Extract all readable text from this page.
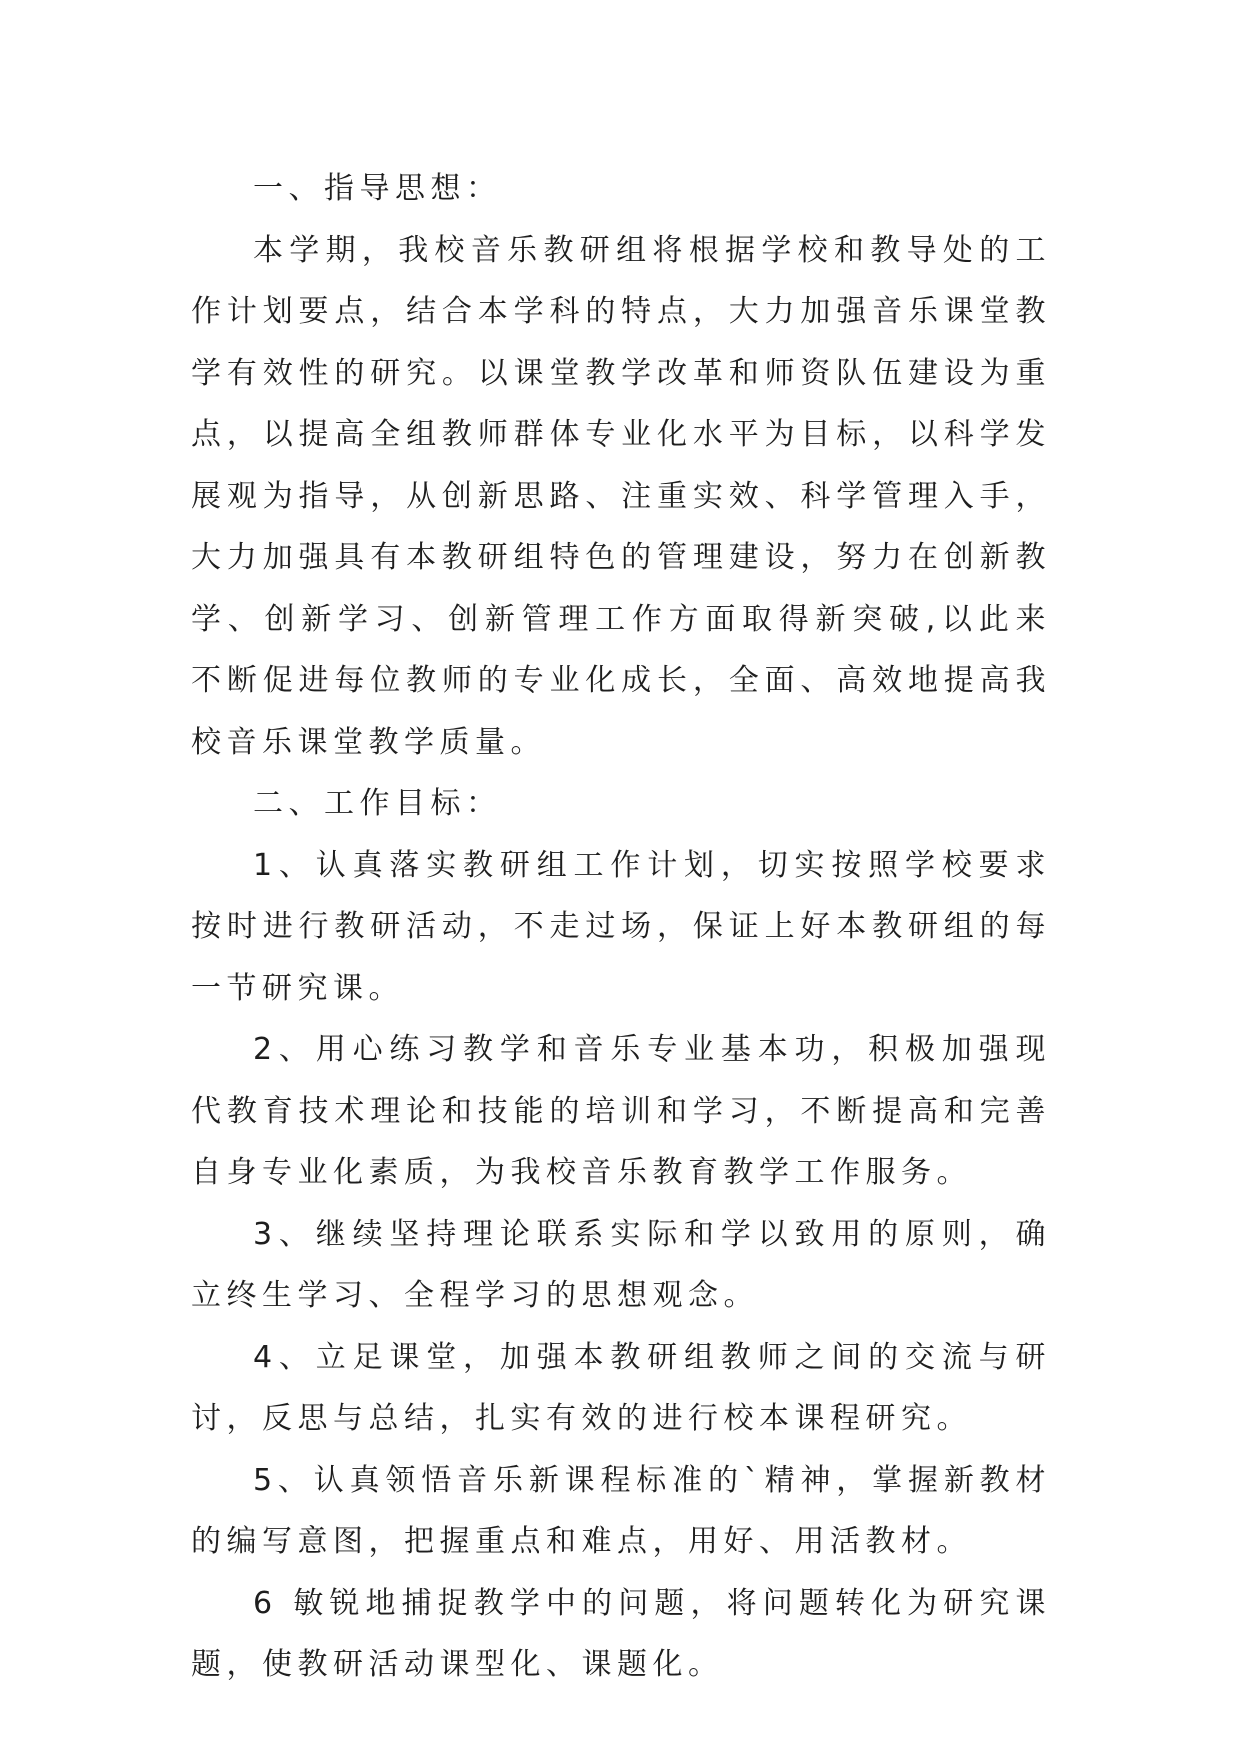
一、指导思想：

本学期，我校音乐教研组将根据学校和教导处的工作计划要点，结合本学科的特点，大力加强音乐课堂教学有效性的研究。以课堂教学改革和师资队伍建设为重点，以提高全组教师群体专业化水平为目标，以科学发展观为指导，从创新思路、注重实效、科学管理入手，大力加强具有本教研组特色的管理建设，努力在创新教学、创新学习、创新管理工作方面取得新突破,以此来不断促进每位教师的专业化成长，全面、高效地提高我校音乐课堂教学质量。

二、工作目标：

1、认真落实教研组工作计划，切实按照学校要求按时进行教研活动，不走过场，保证上好本教研组的每一节研究课。

2、用心练习教学和音乐专业基本功，积极加强现代教育技术理论和技能的培训和学习，不断提高和完善自身专业化素质，为我校音乐教育教学工作服务。

3、继续坚持理论联系实际和学以致用的原则，确立终生学习、全程学习的思想观念。

4、立足课堂，加强本教研组教师之间的交流与研讨，反思与总结，扎实有效的进行校本课程研究。

5、认真领悟音乐新课程标准的`精神，掌握新教材的编写意图，把握重点和难点，用好、用活教材。

6 敏锐地捕捉教学中的问题，将问题转化为研究课题，使教研活动课型化、课题化。
